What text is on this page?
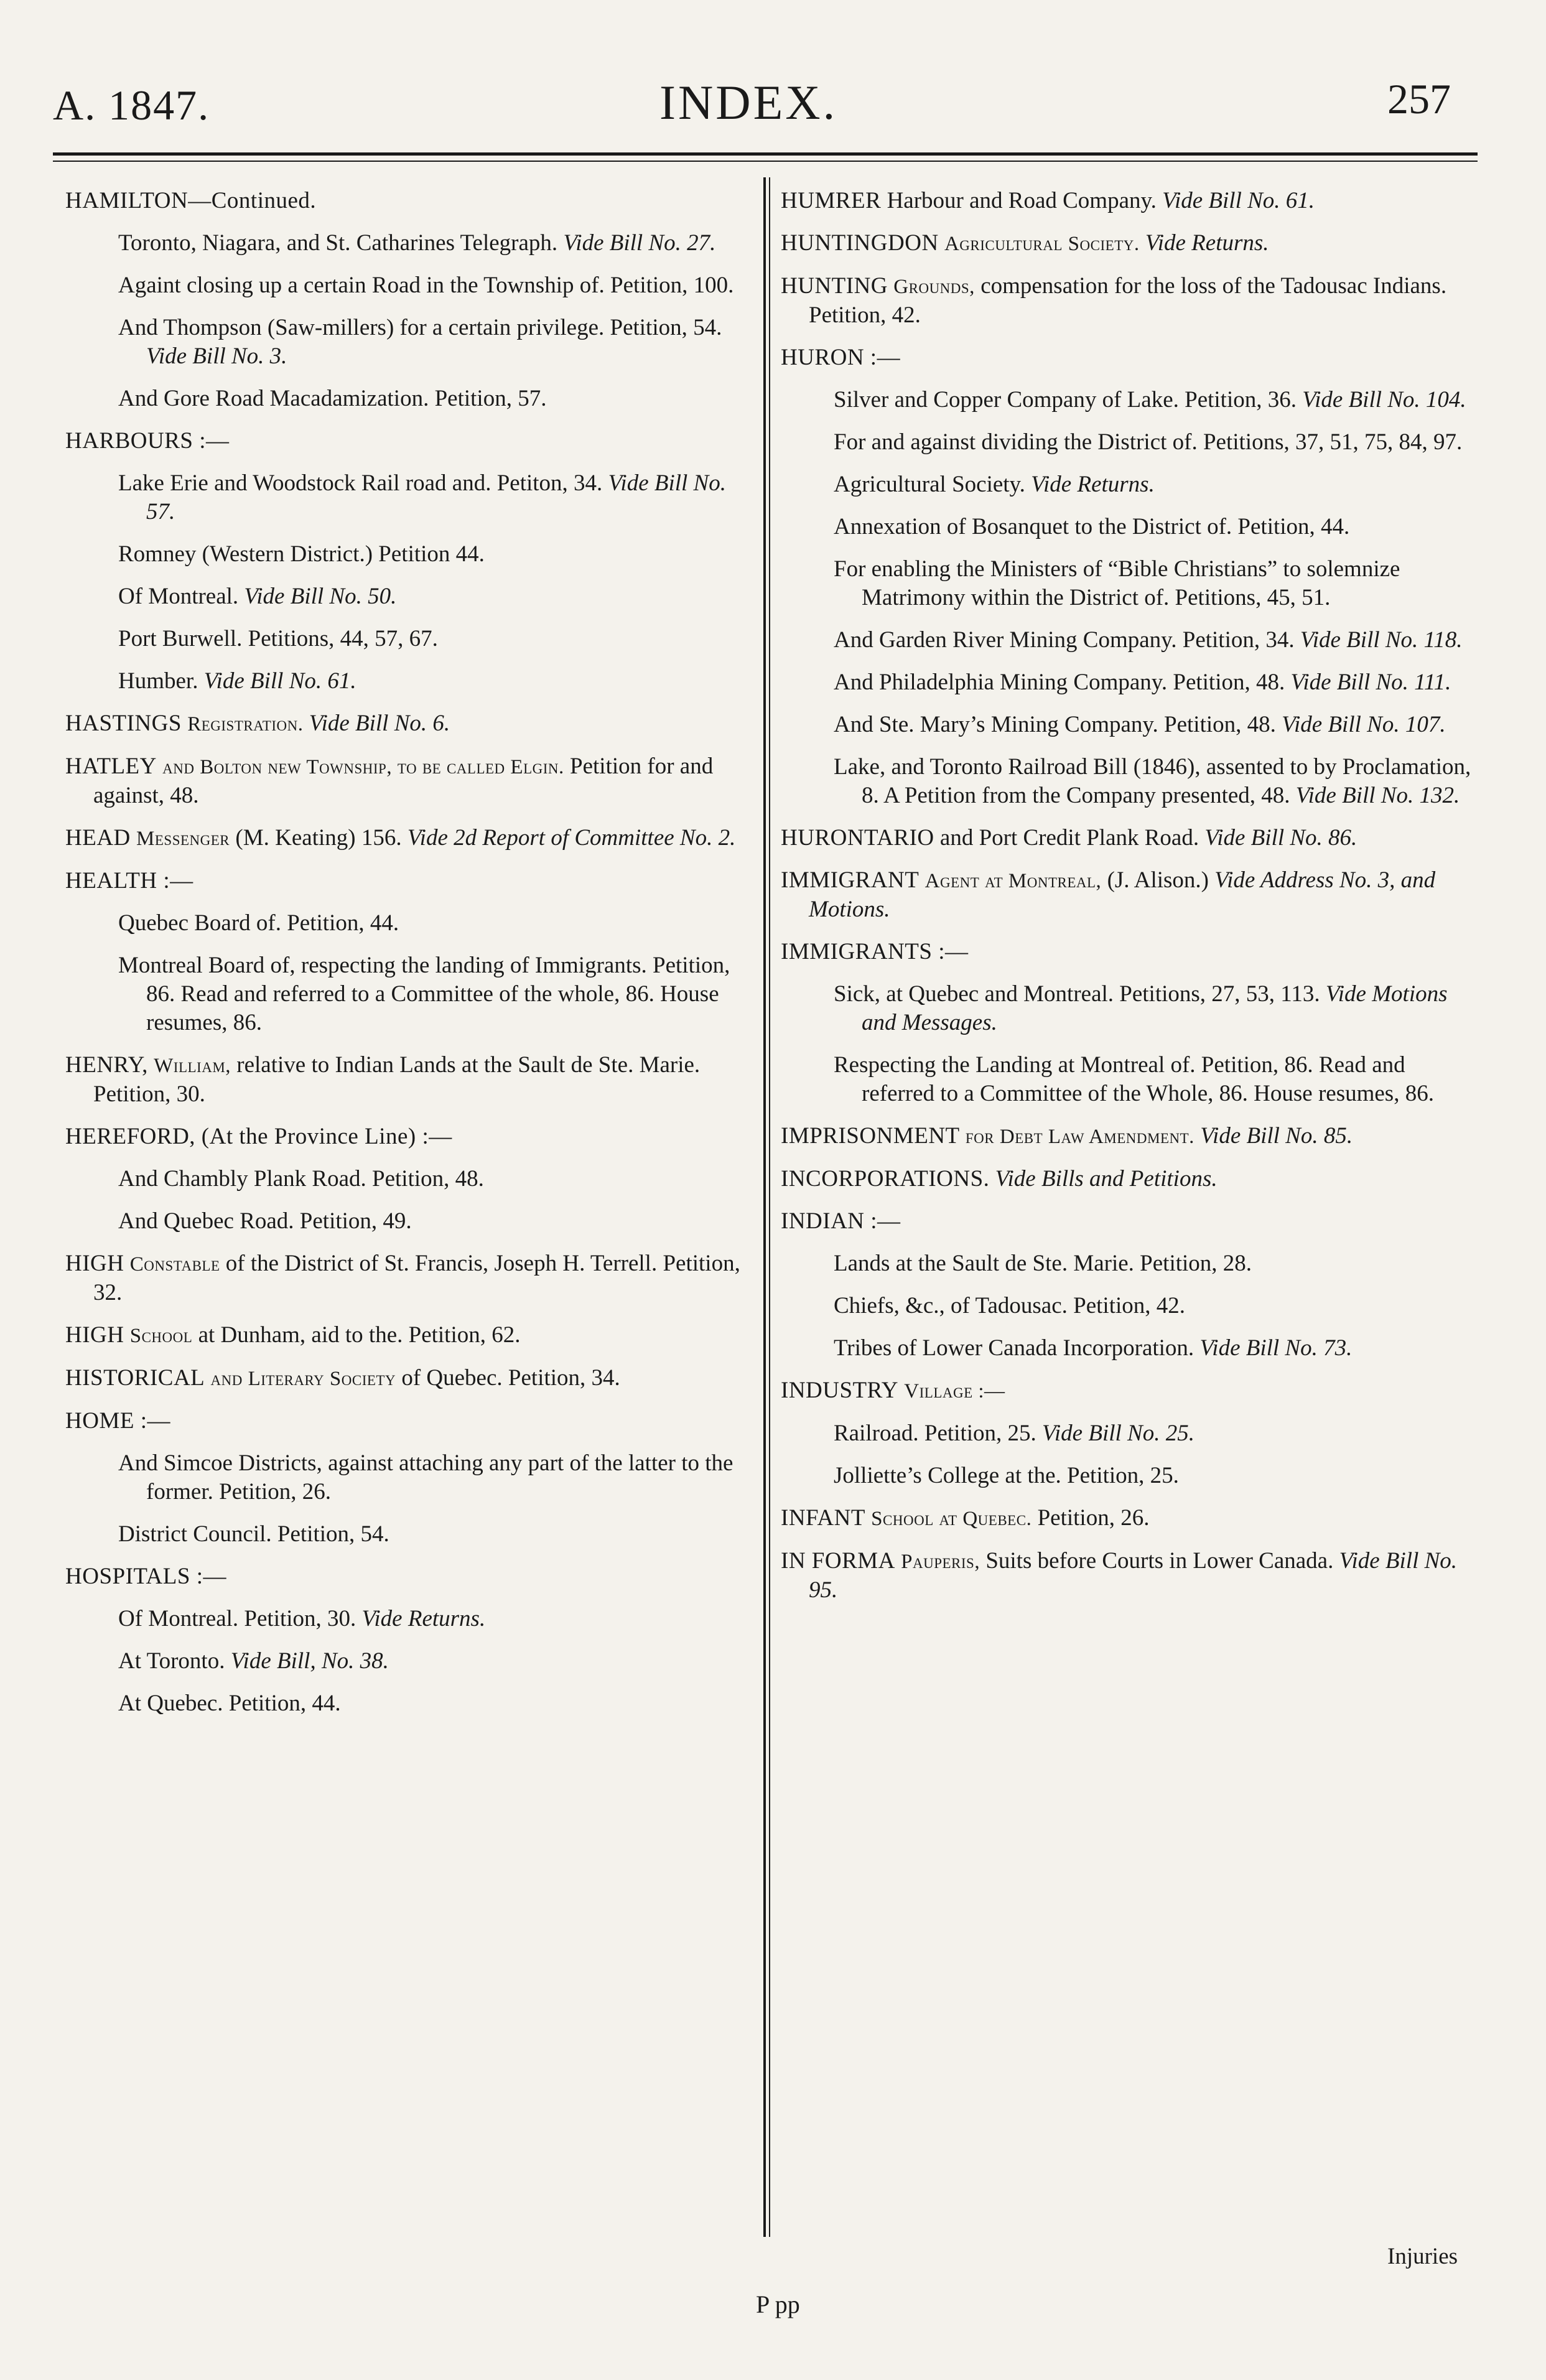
A. 1847.	INDEX.	257
HAMILTON—Continued.
Toronto, Niagara, and St. Catharines Telegraph. Vide Bill No. 27.
Againt closing up a certain Road in the Township of. Petition, 100.
And Thompson (Saw-millers) for a certain privilege. Petition, 54. Vide Bill No. 3.
And Gore Road Macadamization. Petition, 57.
HARBOURS :—
Lake Erie and Woodstock Rail road and. Petiton, 34. Vide Bill No. 57.
Romney (Western District.) Petition 44.
Of Montreal. Vide Bill No. 50.
Port Burwell. Petitions, 44, 57, 67.
Humber. Vide Bill No. 61.
HASTINGS Registration. Vide Bill No. 6.
HATLEY and Bolton new Township, to be called Elgin. Petition for and against, 48.
HEAD Messenger (M. Keating) 156. Vide 2d Report of Committee No. 2.
HEALTH :—
Quebec Board of. Petition, 44.
Montreal Board of, respecting the landing of Immigrants. Petition, 86. Read and referred to a Committee of the whole, 86. House resumes, 86.
HENRY, William, relative to Indian Lands at the Sault de Ste. Marie. Petition, 30.
HEREFORD, (At the Province Line) :—
And Chambly Plank Road. Petition, 48.
And Quebec Road. Petition, 49.
HIGH Constable of the District of St. Francis, Joseph H. Terrell. Petition, 32.
HIGH School at Dunham, aid to the. Petition, 62.
HISTORICAL and Literary Society of Quebec. Petition, 34.
HOME :—
And Simcoe Districts, against attaching any part of the latter to the former. Petition, 26.
District Council. Petition, 54.
HOSPITALS :—
Of Montreal. Petition, 30. Vide Returns.
At Toronto. Vide Bill, No. 38.
At Quebec. Petition, 44.
HUMRER Harbour and Road Company. Vide Bill No. 61.
HUNTINGDON Agricultural Society. Vide Returns.
HUNTING Grounds, compensation for the loss of the Tadousac Indians. Petition, 42.
HURON :—
Silver and Copper Company of Lake. Petition, 36. Vide Bill No. 104.
For and against dividing the District of. Petitions, 37, 51, 75, 84, 97.
Agricultural Society. Vide Returns.
Annexation of Bosanquet to the District of. Petition, 44.
For enabling the Ministers of “Bible Christians” to solemnize Matrimony within the District of. Petitions, 45, 51.
And Garden River Mining Company. Petition, 34. Vide Bill No. 118.
And Philadelphia Mining Company. Petition, 48. Vide Bill No. 111.
And Ste. Mary’s Mining Company. Petition, 48. Vide Bill No. 107.
Lake, and Toronto Railroad Bill (1846), assented to by Proclamation, 8. A Petition from the Company presented, 48. Vide Bill No. 132.
HURONTARIO and Port Credit Plank Road. Vide Bill No. 86.
IMMIGRANT Agent at Montreal, (J. Alison.) Vide Address No. 3, and Motions.
IMMIGRANTS :—
Sick, at Quebec and Montreal. Petitions, 27, 53, 113. Vide Motions and Messages.
Respecting the Landing at Montreal of. Petition, 86. Read and referred to a Committee of the Whole, 86. House resumes, 86.
IMPRISONMENT for Debt Law Amendment. Vide Bill No. 85.
INCORPORATIONS. Vide Bills and Petitions.
INDIAN :—
Lands at the Sault de Ste. Marie. Petition, 28.
Chiefs, &c., of Tadousac. Petition, 42.
Tribes of Lower Canada Incorporation. Vide Bill No. 73.
INDUSTRY Village :—
Railroad. Petition, 25. Vide Bill No. 25.
Jolliette’s College at the. Petition, 25.
INFANT School at Quebec. Petition, 26.
IN FORMA Pauperis, Suits before Courts in Lower Canada. Vide Bill No. 95.
Injuries
P pp
